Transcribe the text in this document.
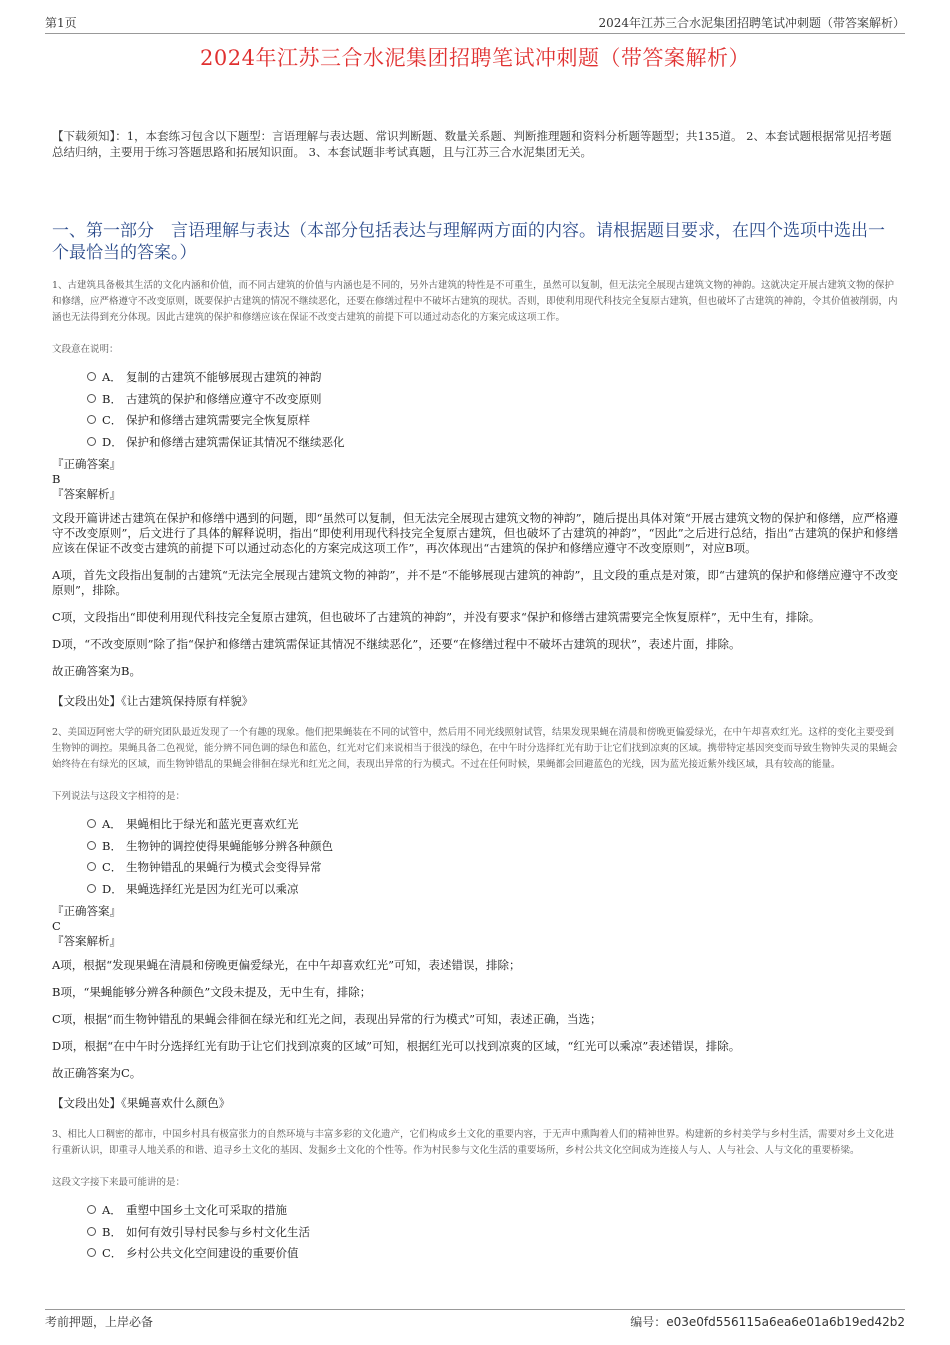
第1页	2024年江苏三合水泥集团招聘笔试冲刺题（带答案解析）
2024年江苏三合水泥集团招聘笔试冲刺题（带答案解析）

【下载须知】：1，本套练习包含以下题型：言语理解与表达题、常识判断题、数量关系题、判断推理题和资料分析题等题型；共135道。 2、本套试题根据常见招考题总结归纳，主要用于练习答题思路和拓展知识面。 3、本套试题非考试真题，且与江苏三合水泥集团无关。

一、第一部分　言语理解与表达（本部分包括表达与理解两方面的内容。请根据题目要求，在四个选项中选出一个最恰当的答案。）

1、古建筑具备极其生活的文化内涵和价值，而不同古建筑的价值与内涵也是不同的，另外古建筑的特性是不可重生，虽然可以复制，但无法完全展现古建筑文物的神韵。这就决定开展古建筑文物的保护和修缮，应严格遵守不改变原则，既要保护古建筑的情况不继续恶化，还要在修缮过程中不破坏古建筑的现状。否则，即使利用现代科技完全复原古建筑，但也破坏了古建筑的神韵，令其价值被削弱，内涵也无法得到充分体现。因此古建筑的保护和修缮应该在保证不改变古建筑的前提下可以通过动态化的方案完成这项工作。

文段意在说明：

A． 复制的古建筑不能够展现古建筑的神韵
B． 古建筑的保护和修缮应遵守不改变原则
C． 保护和修缮古建筑需要完全恢复原样
D． 保护和修缮古建筑需保证其情况不继续恶化

『正确答案』

B

『答案解析』

文段开篇讲述古建筑在保护和修缮中遇到的问题，即“虽然可以复制，但无法完全展现古建筑文物的神韵”，随后提出具体对策“开展古建筑文物的保护和修缮，应严格遵守不改变原则”，后文进行了具体的解释说明，指出“即使利用现代科技完全复原古建筑，但也破坏了古建筑的神韵”，“因此”之后进行总结，指出“古建筑的保护和修缮应该在保证不改变古建筑的前提下可以通过动态化的方案完成这项工作”，再次体现出“古建筑的保护和修缮应遵守不改变原则”，对应B项。

A项，首先文段指出复制的古建筑“无法完全展现古建筑文物的神韵”，并不是“不能够展现古建筑的神韵”，且文段的重点是对策，即“古建筑的保护和修缮应遵守不改变原则”，排除。

C项，文段指出“即使利用现代科技完全复原古建筑，但也破坏了古建筑的神韵”，并没有要求“保护和修缮古建筑需要完全恢复原样”，无中生有，排除。

D项，“不改变原则”除了指“保护和修缮古建筑需保证其情况不继续恶化”，还要“在修缮过程中不破坏古建筑的现状”，表述片面，排除。

故正确答案为B。

【文段出处】《让古建筑保持原有样貌》

2、美国迈阿密大学的研究团队最近发现了一个有趣的现象。他们把果蝇装在不同的试管中，然后用不同光线照射试管，结果发现果蝇在清晨和傍晚更偏爱绿光，在中午却喜欢红光。这样的变化主要受到生物钟的调控。果蝇具备二色视觉，能分辨不同色调的绿色和蓝色，红光对它们来说相当于很浅的绿色，在中午时分选择红光有助于让它们找到凉爽的区域。携带特定基因突变而导致生物钟失灵的果蝇会始终待在有绿光的区域，而生物钟错乱的果蝇会徘徊在绿光和红光之间，表现出异常的行为模式。不过在任何时候，果蝇都会回避蓝色的光线，因为蓝光接近紫外线区域，具有较高的能量。

下列说法与这段文字相符的是：

A． 果蝇相比于绿光和蓝光更喜欢红光
B． 生物钟的调控使得果蝇能够分辨各种颜色
C． 生物钟错乱的果蝇行为模式会变得异常
D． 果蝇选择红光是因为红光可以乘凉

『正确答案』

C

『答案解析』

A项，根据“发现果蝇在清晨和傍晚更偏爱绿光，在中午却喜欢红光”可知，表述错误，排除；

B项，“果蝇能够分辨各种颜色”文段未提及，无中生有，排除；

C项，根据“而生物钟错乱的果蝇会徘徊在绿光和红光之间，表现出异常的行为模式”可知，表述正确，当选；

D项，根据“在中午时分选择红光有助于让它们找到凉爽的区域”可知，根据红光可以找到凉爽的区域，“红光可以乘凉”表述错误，排除。

故正确答案为C。

【文段出处】《果蝇喜欢什么颜色》

3、相比人口稠密的都市，中国乡村具有极富张力的自然环境与丰富多彩的文化遗产，它们构成乡土文化的重要内容，于无声中熏陶着人们的精神世界。构建新的乡村美学与乡村生活，需要对乡土文化进行重新认识，即重寻人地关系的和谐、追寻乡土文化的基因、发掘乡土文化的个性等。作为村民参与文化生活的重要场所，乡村公共文化空间成为连接人与人、人与社会、人与文化的重要桥梁。

这段文字接下来最可能讲的是：

A． 重塑中国乡土文化可采取的措施
B． 如何有效引导村民参与乡村文化生活
C． 乡村公共文化空间建设的重要价值
考前押题，上岸必备	编号：e03e0fd556115a6ea6e01a6b19ed42b2
